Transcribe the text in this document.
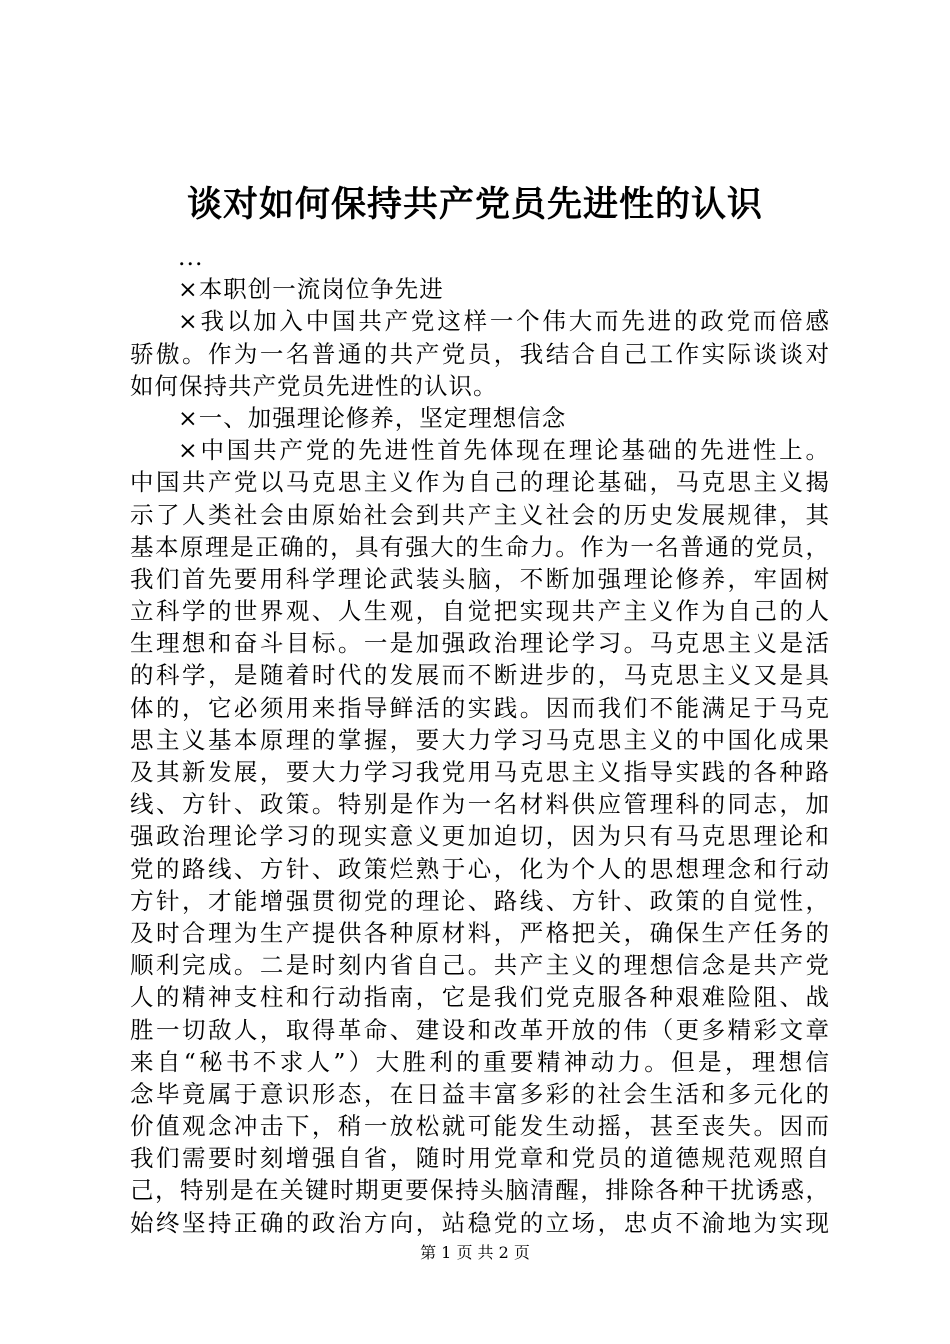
谈对如何保持共产党员先进性的认识
...
×本职创一流岗位争先进
×我以加入中国共产党这样一个伟大而先进的政党而倍感
骄傲。作为一名普通的共产党员，我结合自己工作实际谈谈对
如何保持共产党员先进性的认识。
×一、加强理论修养，坚定理想信念
×中国共产党的先进性首先体现在理论基础的先进性上。
中国共产党以马克思主义作为自己的理论基础，马克思主义揭
示了人类社会由原始社会到共产主义社会的历史发展规律，其
基本原理是正确的，具有强大的生命力。作为一名普通的党员，
我们首先要用科学理论武装头脑，不断加强理论修养，牢固树
立科学的世界观、人生观，自觉把实现共产主义作为自己的人
生理想和奋斗目标。一是加强政治理论学习。马克思主义是活
的科学，是随着时代的发展而不断进步的，马克思主义又是具
体的，它必须用来指导鲜活的实践。因而我们不能满足于马克
思主义基本原理的掌握，要大力学习马克思主义的中国化成果
及其新发展，要大力学习我党用马克思主义指导实践的各种路
线、方针、政策。特别是作为一名材料供应管理科的同志，加
强政治理论学习的现实意义更加迫切，因为只有马克思理论和
党的路线、方针、政策烂熟于心，化为个人的思想理念和行动
方针，才能增强贯彻党的理论、路线、方针、政策的自觉性，
及时合理为生产提供各种原材料，严格把关，确保生产任务的
顺利完成。二是时刻内省自己。共产主义的理想信念是共产党
人的精神支柱和行动指南，它是我们党克服各种艰难险阻、战
胜一切敌人，取得革命、建设和改革开放的伟（更多精彩文章
来自“秘书不求人”）大胜利的重要精神动力。但是，理想信
念毕竟属于意识形态，在日益丰富多彩的社会生活和多元化的
价值观念冲击下，稍一放松就可能发生动摇，甚至丧失。因而
我们需要时刻增强自省，随时用党章和党员的道德规范观照自
己，特别是在关键时期更要保持头脑清醒，排除各种干扰诱惑，
始终坚持正确的政治方向，站稳党的立场，忠贞不渝地为实现
第 1 页 共 2 页
